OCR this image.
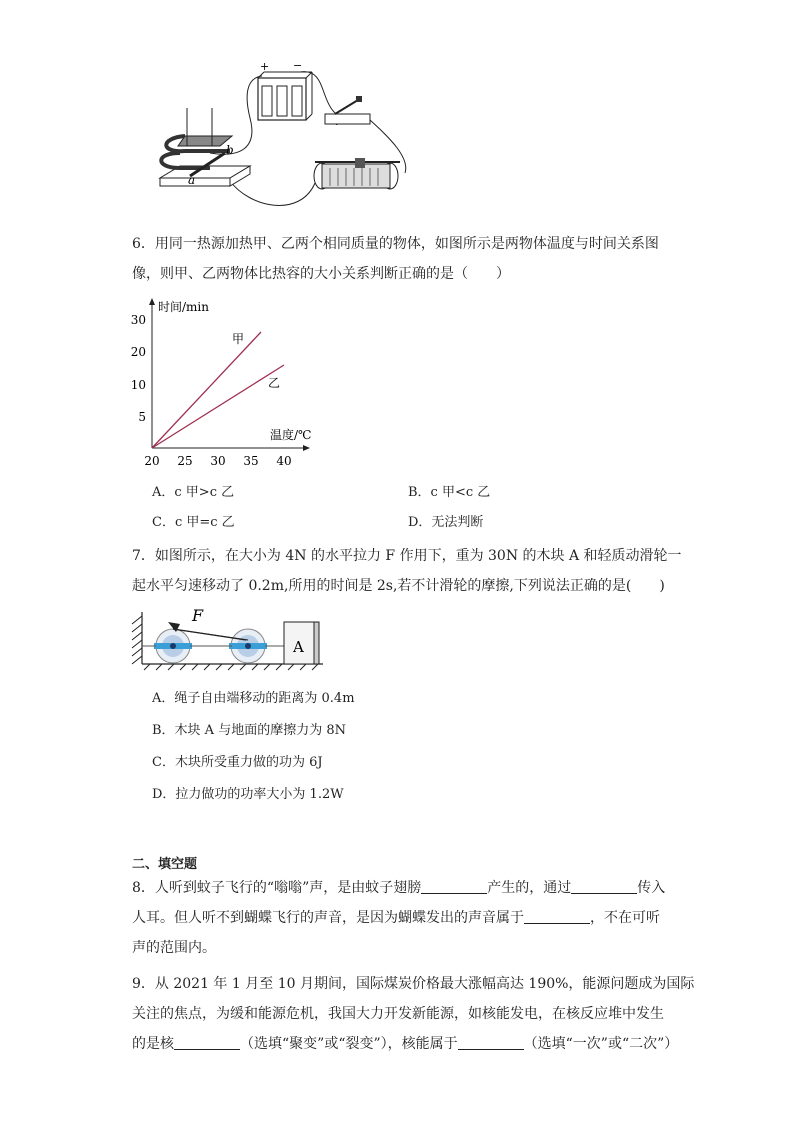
+ −
b
a
6．用同一热源加热甲、乙两个相同质量的物体，如图所示是两物体温度与时间关系图
像，则甲、乙两物体比热容的大小关系判断正确的是（　　）
时间/min
温度/℃
30
20
10
5
20 25 30 35 40
甲
乙
A．c 甲>c 乙	B．c 甲<c 乙
C．c 甲=c 乙	D．无法判断
7．如图所示，在大小为 4N 的水平拉力 F 作用下，重为 30N 的木块 A 和轻质动滑轮一
起水平匀速移动了 0.2m,所用的时间是 2s,若不计滑轮的摩擦,下列说法正确的是(　　)
F
A
A．绳子自由端移动的距离为 0.4m
B．木块 A 与地面的摩擦力为 8N
C．木块所受重力做的功为 6J
D．拉力做功的功率大小为 1.2W
二、填空题
8．人听到蚊子飞行的“嗡嗡”声，是由蚊子翅膀	产生的，通过	传入
人耳。但人听不到蝴蝶飞行的声音，是因为蝴蝶发出的声音属于	，不在可听
声的范围内。
9．从 2021 年 1 月至 10 月期间，国际煤炭价格最大涨幅高达 190%，能源问题成为国际
关注的焦点，为缓和能源危机，我国大力开发新能源，如核能发电，在核反应堆中发生
的是核	（选填“聚变”或“裂变”），核能属于	（选填“一次”或“二次”）
